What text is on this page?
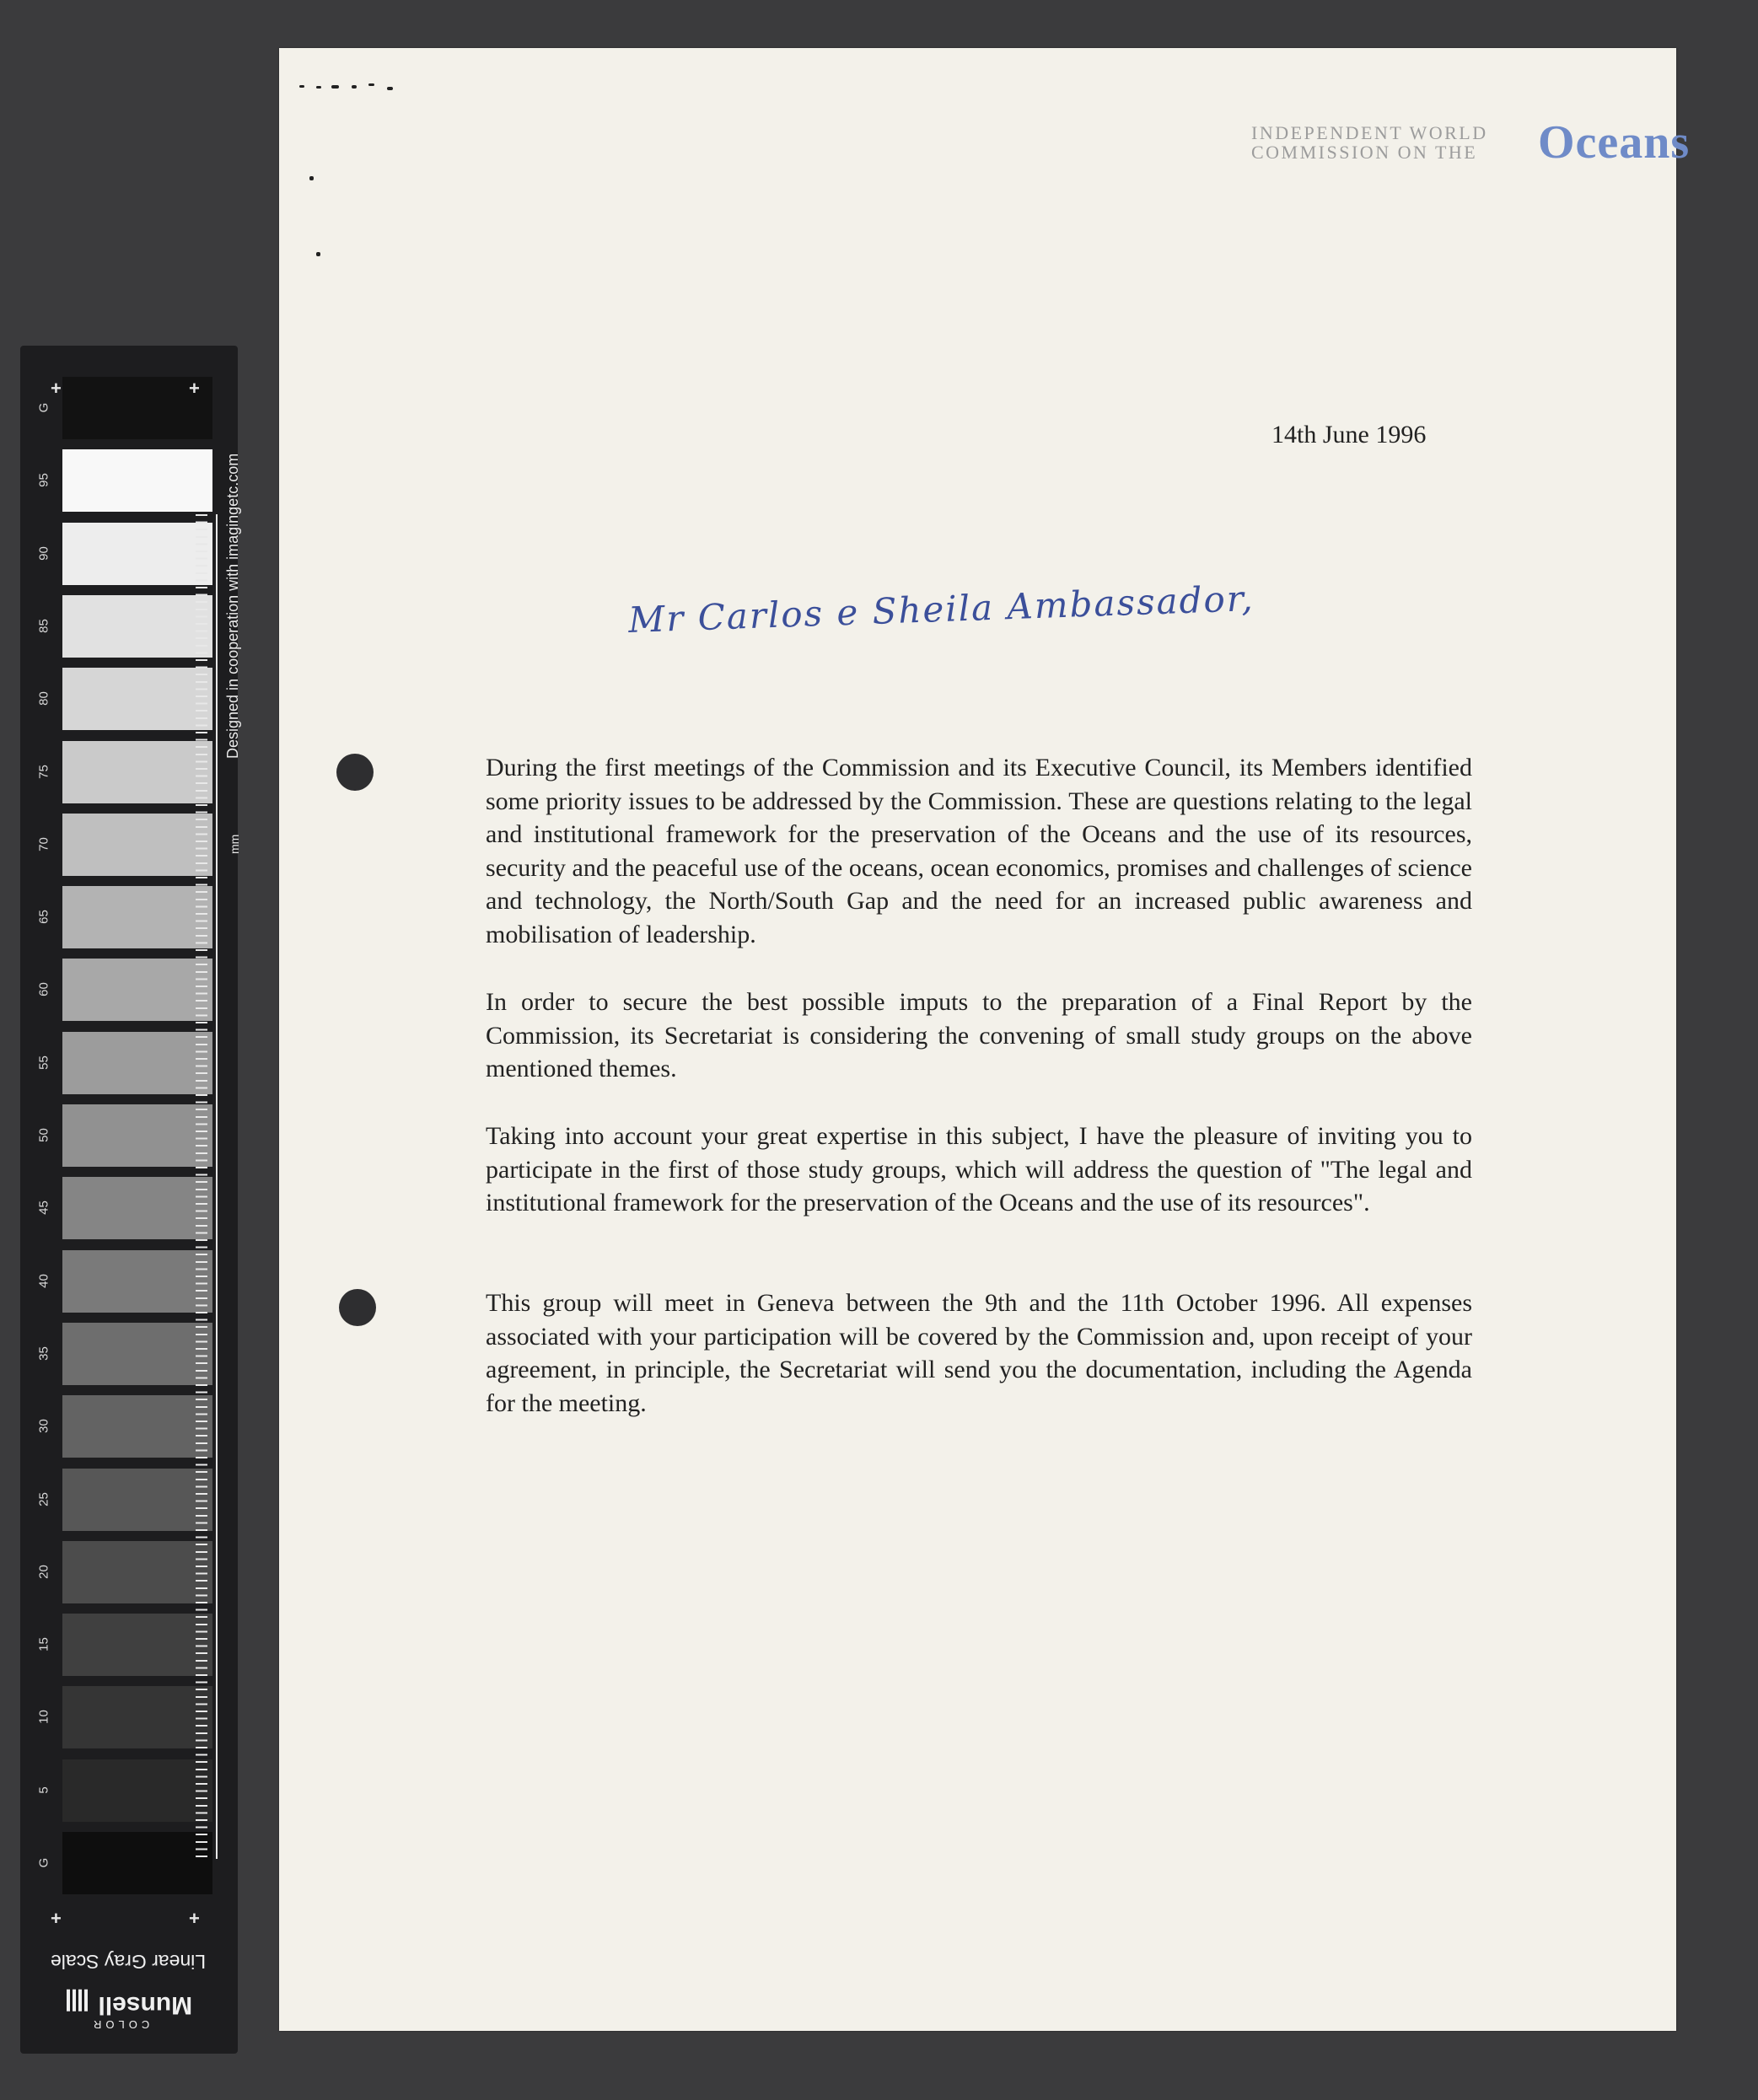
+	+
+	+
Designed in cooperation with imagingetc.com
mm
Linear Gray Scale
Munsell
COLOR
G
95
90
85
80
75
70
65
60
55
50
45
40
35
30
25
20
15
10
5
G
INDEPENDENT WORLD
COMMISSION ON THE Oceans
14th June 1996
Mr Carlos e Sheila Ambassador,

During the first meetings of the Commission and its Executive Council, its Members identified some priority issues to be addressed by the Commission. These are questions relating to the legal and institutional framework for the preservation of the Oceans and the use of its resources, security and the peaceful use of the oceans, ocean economics, promises and challenges of science and technology, the North/South Gap and the need for an increased public awareness and mobilisation of leadership.

In order to secure the best possible imputs to the preparation of a Final Report by the Commission, its Secretariat is considering the convening of small study groups on the above mentioned themes.

Taking into account your great expertise in this subject, I have the pleasure of inviting you to participate in the first of those study groups, which will address the question of "The legal and institutional framework for the preservation of the Oceans and the use of its resources".

This group will meet in Geneva between the 9th and the 11th October 1996. All expenses associated with your participation will be covered by the Commission and, upon receipt of your agreement, in principle, the Secretariat will send you the documentation, including the Agenda for the meeting.
